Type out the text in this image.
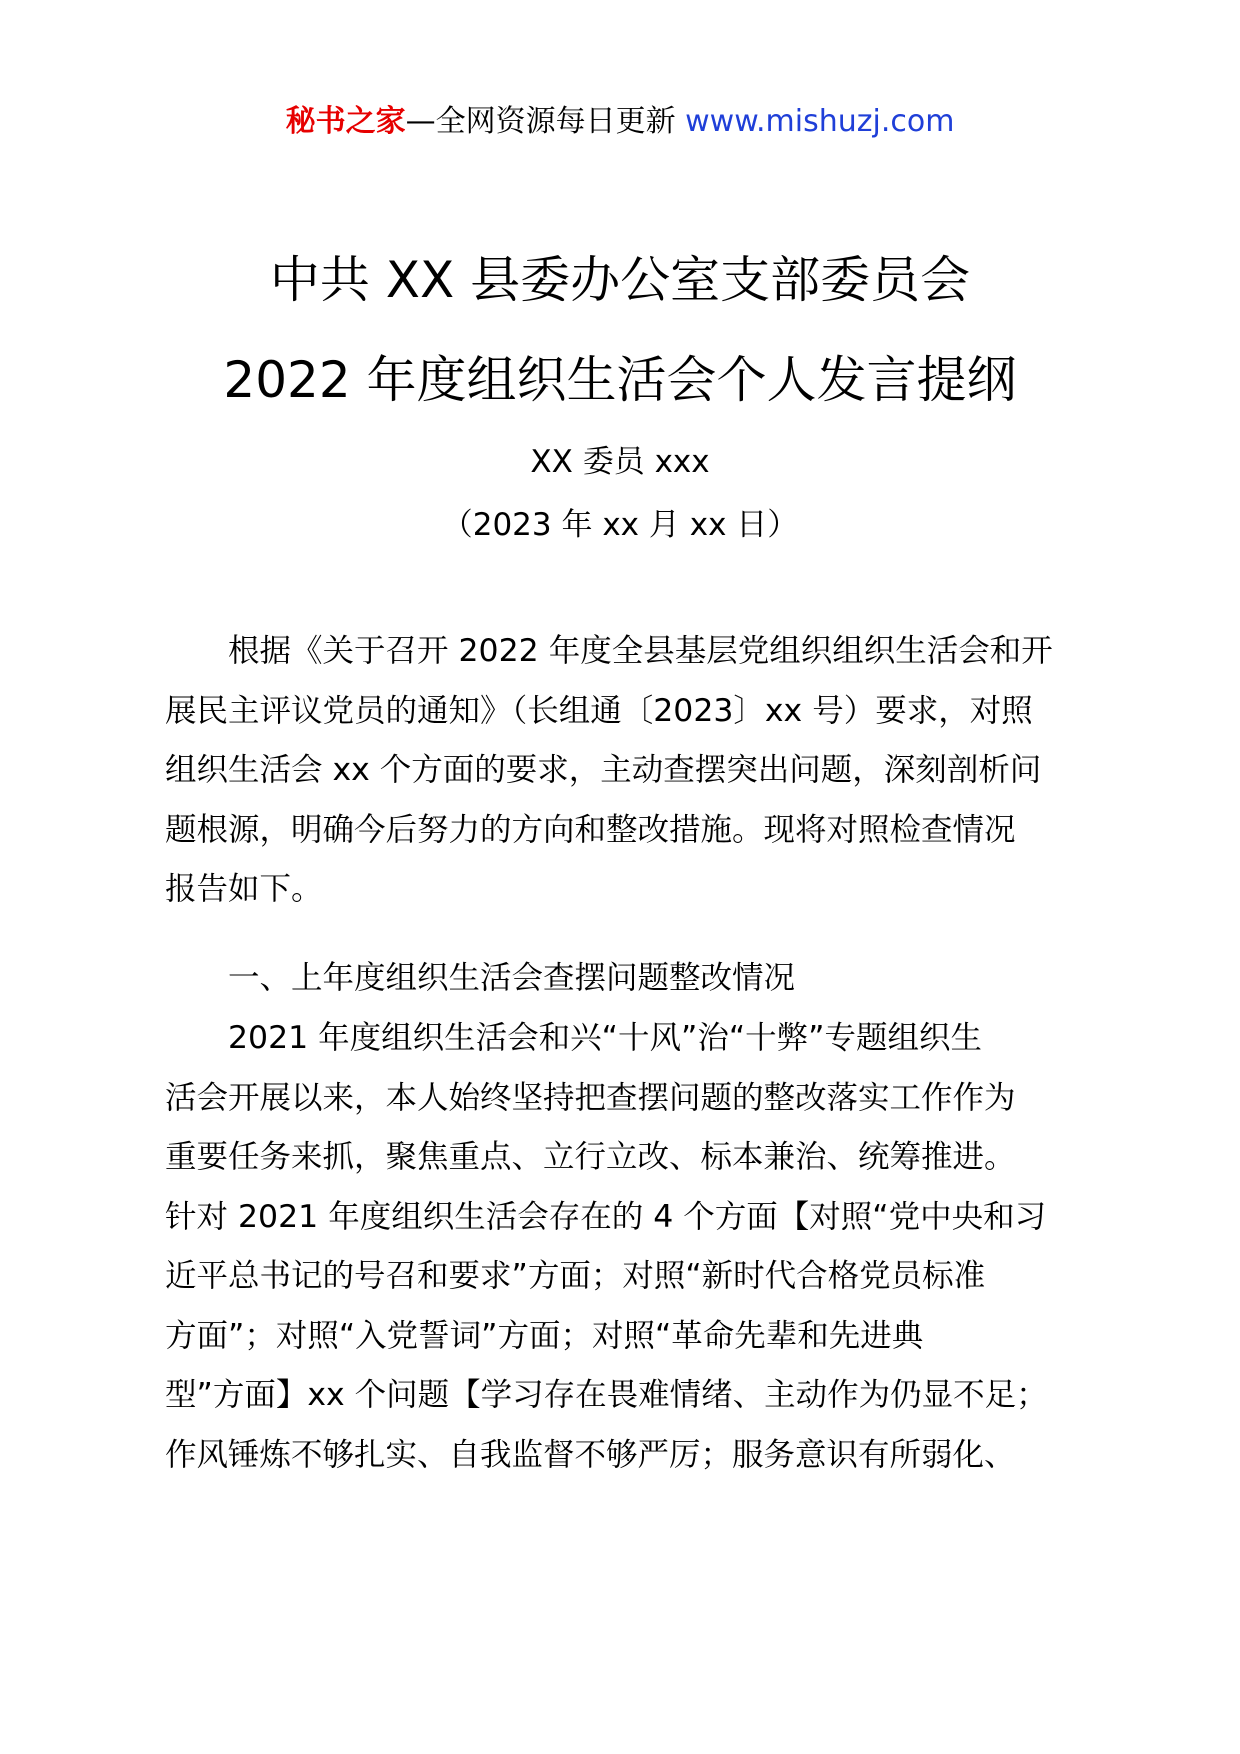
秘书之家—全网资源每日更新 www.mishuzj.com
中共 XX 县委办公室支部委员会
2022 年度组织生活会个人发言提纲
XX 委员 xxx
（2023 年 xx 月 xx 日）
根据《关于召开 2022 年度全县基层党组织组织生活会和开
展民主评议党员的通知》（长组通〔2023〕xx 号）要求，对照
组织生活会 xx 个方面的要求，主动查摆突出问题，深刻剖析问
题根源，明确今后努力的方向和整改措施。现将对照检查情况
报告如下。
一、上年度组织生活会查摆问题整改情况
2021 年度组织生活会和兴“十风”治“十弊”专题组织生
活会开展以来，本人始终坚持把查摆问题的整改落实工作作为
重要任务来抓，聚焦重点、立行立改、标本兼治、统筹推进。
针对 2021 年度组织生活会存在的 4 个方面【对照“党中央和习
近平总书记的号召和要求”方面；对照“新时代合格党员标准
方面”；对照“入党誓词”方面；对照“革命先辈和先进典
型”方面】xx 个问题【学习存在畏难情绪、主动作为仍显不足；
作风锤炼不够扎实、自我监督不够严厉；服务意识有所弱化、
